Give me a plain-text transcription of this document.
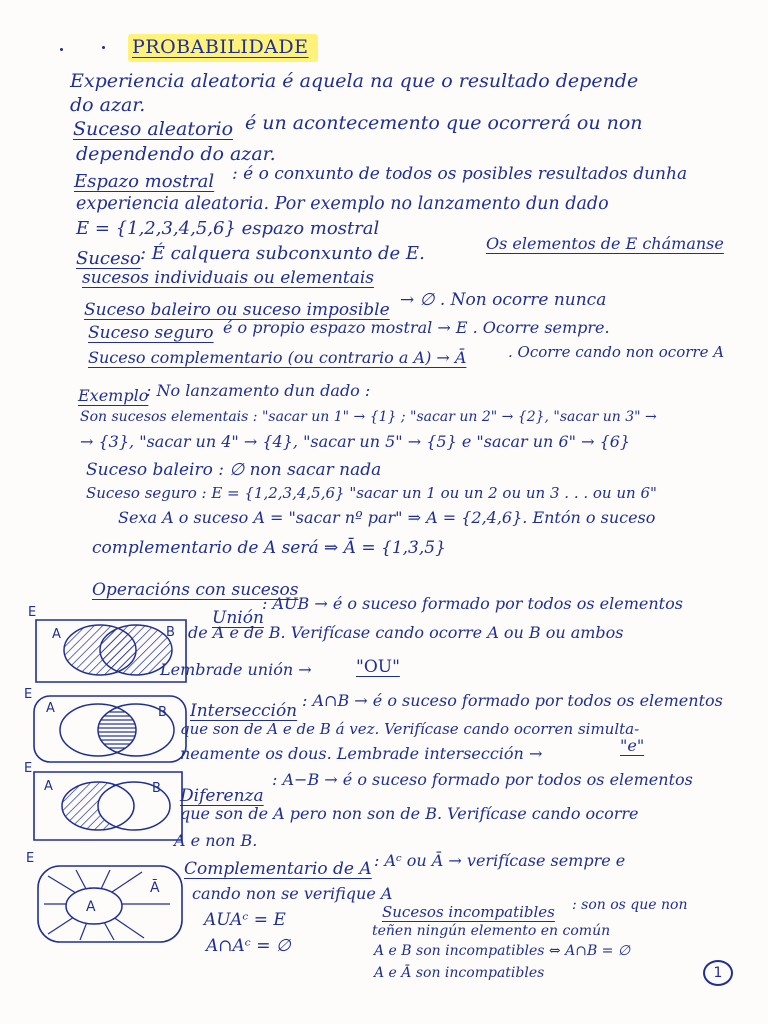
PROBABILIDADE
Experiencia aleatoria é aquela na que o resultado depende
do azar.
Suceso aleatorio é un acontecemento que ocorrerá ou non
dependendo do azar.
Espazo mostral : é o conxunto de todos os posibles resultados dunha
experiencia aleatoria. Por exemplo no lanzamento dun dado
E = {1,2,3,4,5,6} espazo mostral
Suceso : É calquera subconxunto de E.	Os elementos de E chámanse
sucesos individuais ou elementais
Suceso baleiro ou suceso imposible → ∅ . Non ocorre nunca
Suceso seguro é o propio espazo mostral → E . Ocorre sempre.
Suceso complementario (ou contrario a A) → Ā	. Ocorre cando non ocorre A
Exemplo
: No lanzamento dun dado :
Son sucesos elementais : "sacar un 1" → {1} ; "sacar un 2" → {2}, "sacar un 3" →
→ {3}, "sacar un 4" → {4}, "sacar un 5" → {5} e "sacar un 6" → {6}
Suceso baleiro : ∅ non sacar nada
Suceso seguro : E = {1,2,3,4,5,6} "sacar un 1 ou un 2 ou un 3 . . . ou un 6"
Sexa A o suceso A = "sacar nº par" ⇒ A = {2,4,6}. Entón o suceso
complementario de A será ⇒ Ā = {1,3,5}
Operacións con sucesos
E
A	B
Unión
: AUB → é o suceso formado por todos os elementos
de A e de B. Verifícase cando ocorre A ou B ou ambos
Lembrade unión →	"OU"
E
A	B Intersección
: A∩B → é o suceso formado por todos os elementos
que son de A e de B á vez. Verifícase cando ocorren simulta-
neamente os dous. Lembrade intersección →	"e"
E
A	B Diferenza
: A−B → é o suceso formado por todos os elementos
que son de A pero non son de B. Verifícase cando ocorre
A e non B.
E
A
Ā
Complementario de A : Aᶜ ou Ā → verifícase sempre e
cando non se verifique A
AUAᶜ = E
A∩Aᶜ = ∅
Sucesos incompatibles : son os que non
teñen ningún elemento en común
A e B son incompatibles ⇔ A∩B = ∅
A e Ā son incompatibles	1
